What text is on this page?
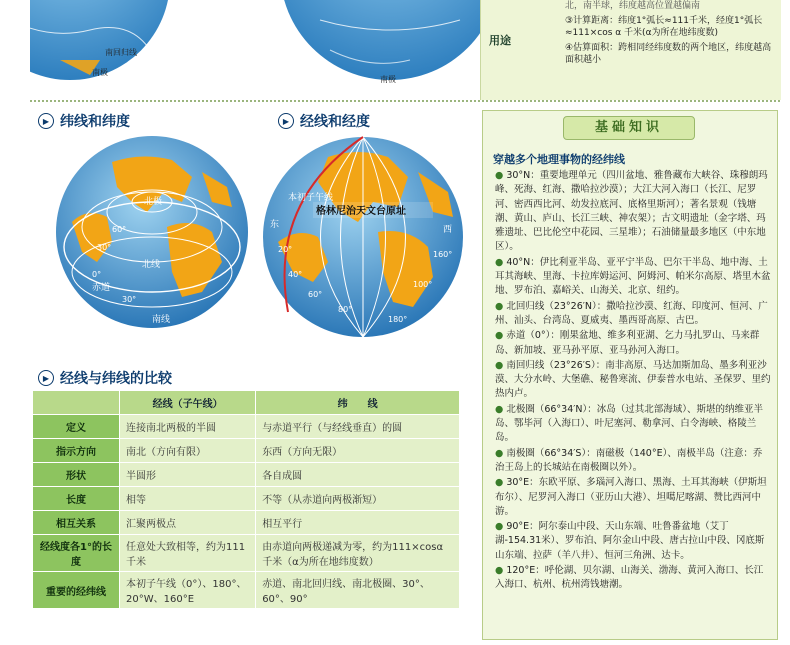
南回归线
南极
南极
用途

北，南半球，纬度越高位置越偏南

③计算距离：纬度1°弧长≈111千米，经度1°弧长≈111×cos α 千米(α为所在地纬度数)

④估算面积：跨相同经纬度数的两个地区，纬度越高面积越小

▶ 纬线和纬度	▶ 经线和经度
北极
60°
30°
0°
30°
赤道
北线
南线
格林尼治天文台原址
本初子午线
东	西
20°
40°
60°
80°
100°
160°
180°
▶ 经线与纬线的比较
	经线（子午线）	纬　　线
定义	连接南北两极的半圆	与赤道平行（与经线垂直）的圆
指示方向	南北（方向有限）	东西（方向无限）
形状	半圆形	各自成圆
长度	相等	不等（从赤道向两极渐短）
相互关系	汇聚两极点	相互平行
经线度各1°的长度	任意处大致相等，约为111千米	由赤道向两极递减为零，约为111×cosα千米（α为所在地纬度数）
重要的经纬线	本初子午线（0°）、180°、20°W、160°E	赤道、南北回归线、南北极圈、30°、60°、90°
基础知识
穿越多个地理事物的经纬线

● 30°N：重要地理单元（四川盆地、雅鲁藏布大峡谷、珠穆朗玛峰、死海、红海、撒哈拉沙漠）；大江大河入海口（长江、尼罗河、密西西比河、幼发拉底河、底格里斯河）；著名景观（钱塘潮、黄山、庐山、长江三峡、神农架）；古文明遗址（金字塔、玛雅遗址、巴比伦空中花园、三星堆）；石油储量最多地区（中东地区）。

● 40°N：伊比利亚半岛、亚平宁半岛、巴尔干半岛、地中海、土耳其海峡、里海、卡拉库姆运河、阿姆河、帕米尔高原、塔里木盆地、罗布泊、嘉峪关、山海关、北京、纽约。

● 北回归线（23°26′N）：撒哈拉沙漠、红海、印度河、恒河、广州、汕头、台湾岛、夏威夷、墨西哥高原、古巴。

● 赤道（0°）：刚果盆地、维多利亚湖、乞力马扎罗山、马来群岛、新加坡、亚马孙平原、亚马孙河入海口。

● 南回归线（23°26′S）：南非高原、马达加斯加岛、墨多利亚沙漠、大分水岭、大堡礁、秘鲁寒流、伊泰普水电站、圣保罗、里约热内卢。

● 北极圈（66°34′N）：冰岛（过其北部海域）、斯堪的纳维亚半岛、鄂毕河（入海口）、叶尼塞河、勒拿河、白令海峡、格陵兰岛。

● 南极圈（66°34′S）：南磁极（140°E）、南极半岛（注意：乔治王岛上的长城站在南极圈以外）。

● 30°E：东欧平原、多瑙河入海口、黑海、土耳其海峡（伊斯坦布尔）、尼罗河入海口（亚历山大港）、坦噶尼喀湖、赞比西河中游。

● 90°E：阿尔泰山中段、天山东端、吐鲁番盆地（艾丁湖-154.31米）、罗布泊、阿尔金山中段、唐古拉山中段、冈底斯山东端、拉萨（羊八井）、恒河三角洲、达卡。

● 120°E：呼伦湖、贝尔湖、山海关、渤海、黄河入海口、长江入海口、杭州、杭州湾钱塘潮。
